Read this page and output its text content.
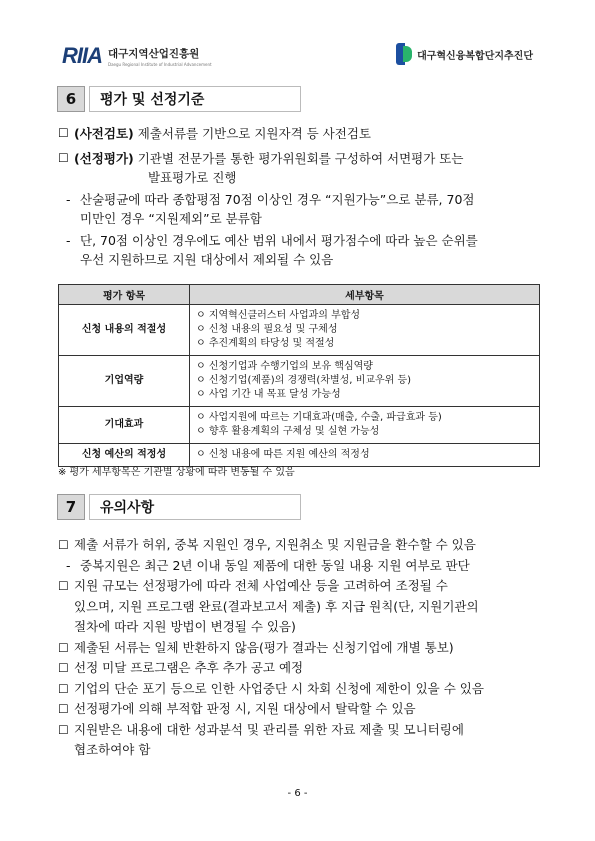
RIIA 대구지역산업진흥원
Daegu Regional Institute of Industrial Advancement
대구혁신융복합단지추진단
6	평가 및 선정기준
☐ (사전검토) 제출서류를 기반으로 지원자격 등 사전검토
☐ (선정평가) 기관별 전문가를 통한 평가위원회를 구성하여 서면평가 또는
발표평가로 진행
- 산술평균에 따라 종합평점 70점 이상인 경우 “지원가능”으로 분류, 70점
미만인 경우 “지원제외”로 분류함
- 단, 70점 이상인 경우에도 예산 범위 내에서 평가점수에 따라 높은 순위를
우선 지원하므로 지원 대상에서 제외될 수 있음
평가 항목	세부항목
신청 내용의 적절성	ㅇ 지역혁신클러스터 사업과의 부합성
ㅇ 신청 내용의 필요성 및 구체성
ㅇ 추진계획의 타당성 및 적절성

기업역량	ㅇ 신청기업과 수행기업의 보유 핵심역량
ㅇ 신청기업(제품)의 경쟁력(차별성, 비교우위 등)
ㅇ 사업 기간 내 목표 달성 가능성

기대효과	ㅇ 사업지원에 따르는 기대효과(매출, 수출, 파급효과 등)
ㅇ 향후 활용계획의 구체성 및 실현 가능성

신청 예산의 적정성	ㅇ 신청 내용에 따른 지원 예산의 적정성
※ 평가 세부항목은 기관별 상황에 따라 변동될 수 있음
7	유의사항
☐ 제출 서류가 허위, 중복 지원인 경우, 지원취소 및 지원금을 환수할 수 있음
- 중복지원은 최근 2년 이내 동일 제품에 대한 동일 내용 지원 여부로 판단
☐ 지원 규모는 선정평가에 따라 전체 사업예산 등을 고려하여 조정될 수
있으며, 지원 프로그램 완료(결과보고서 제출) 후 지급 원칙(단, 지원기관의
절차에 따라 지원 방법이 변경될 수 있음)
☐ 제출된 서류는 일체 반환하지 않음(평가 결과는 신청기업에 개별 통보)
☐ 선정 미달 프로그램은 추후 추가 공고 예정
☐ 기업의 단순 포기 등으로 인한 사업중단 시 차회 신청에 제한이 있을 수 있음
☐ 선정평가에 의해 부적합 판정 시, 지원 대상에서 탈락할 수 있음
☐ 지원받은 내용에 대한 성과분석 및 관리를 위한 자료 제출 및 모니터링에
협조하여야 함
- 6 -
